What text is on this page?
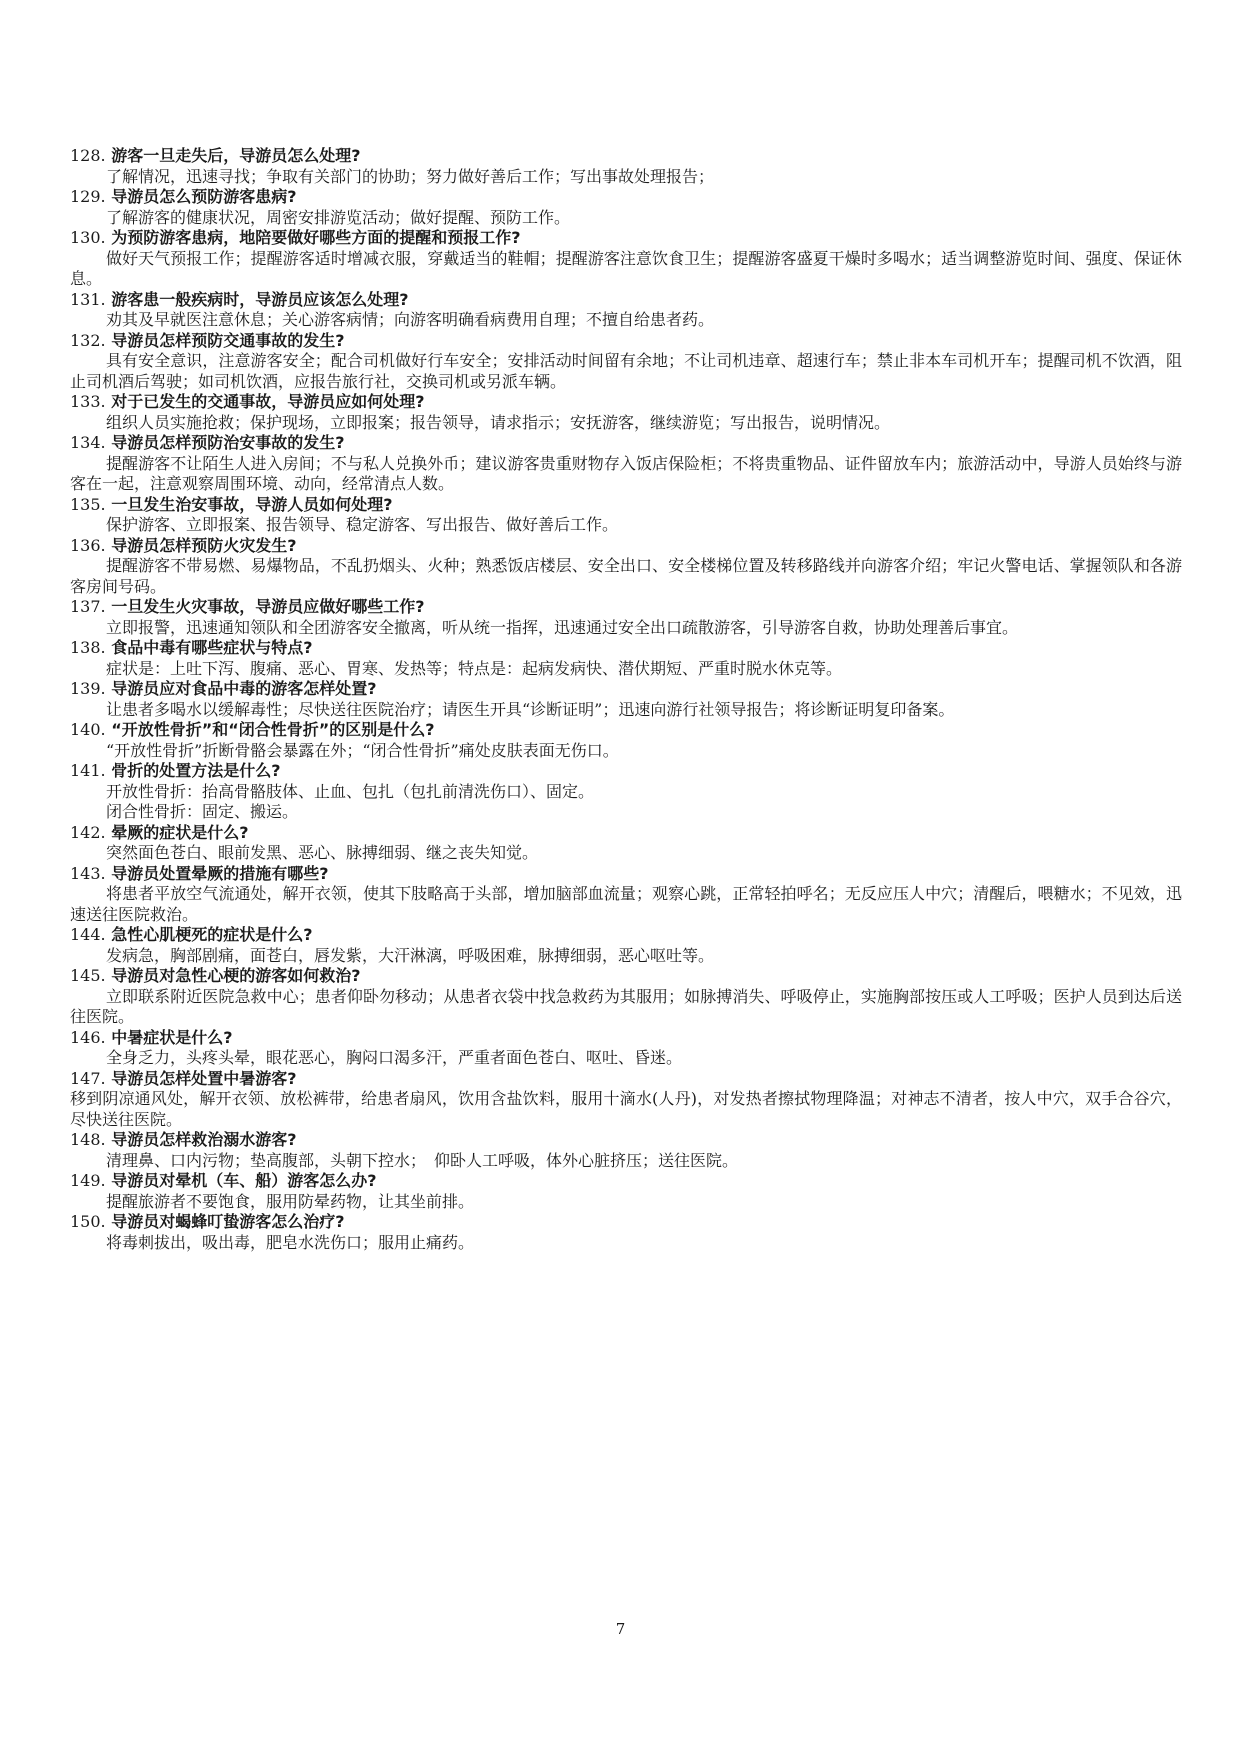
128. 游客一旦走失后，导游员怎么处理?
了解情况，迅速寻找；争取有关部门的协助；努力做好善后工作；写出事故处理报告；
129. 导游员怎么预防游客患病?
了解游客的健康状况，周密安排游览活动；做好提醒、预防工作。
130. 为预防游客患病，地陪要做好哪些方面的提醒和预报工作?
做好天气预报工作；提醒游客适时增减衣服，穿戴适当的鞋帽；提醒游客注意饮食卫生；提醒游客盛夏干燥时多喝水；适当调整游览时间、强度、保证休息。
131. 游客患一般疾病时，导游员应该怎么处理?
劝其及早就医注意休息；关心游客病情；向游客明确看病费用自理；不擅自给患者药。
132. 导游员怎样预防交通事故的发生?
具有安全意识，注意游客安全；配合司机做好行车安全；安排活动时间留有余地；不让司机违章、超速行车；禁止非本车司机开车；提醒司机不饮酒，阻止司机酒后驾驶；如司机饮酒，应报告旅行社，交换司机或另派车辆。
133. 对于已发生的交通事故，导游员应如何处理?
组织人员实施抢救；保护现场，立即报案；报告领导，请求指示；安抚游客，继续游览；写出报告，说明情况。
134. 导游员怎样预防治安事故的发生?
提醒游客不让陌生人进入房间；不与私人兑换外币；建议游客贵重财物存入饭店保险柜；不将贵重物品、证件留放车内；旅游活动中，导游人员始终与游客在一起，注意观察周围环境、动向，经常清点人数。
135. 一旦发生治安事故，导游人员如何处理?
保护游客、立即报案、报告领导、稳定游客、写出报告、做好善后工作。
136. 导游员怎样预防火灾发生?
提醒游客不带易燃、易爆物品，不乱扔烟头、火种；熟悉饭店楼层、安全出口、安全楼梯位置及转移路线并向游客介绍；牢记火警电话、掌握领队和各游客房间号码。
137. 一旦发生火灾事故，导游员应做好哪些工作?
立即报警，迅速通知领队和全团游客安全撤离，听从统一指挥，迅速通过安全出口疏散游客，引导游客自救，协助处理善后事宜。
138. 食品中毒有哪些症状与特点?
症状是：上吐下泻、腹痛、恶心、胃寒、发热等；特点是：起病发病快、潜伏期短、严重时脱水休克等。
139. 导游员应对食品中毒的游客怎样处置?
让患者多喝水以缓解毒性；尽快送往医院治疗；请医生开具“诊断证明”；迅速向游行社领导报告；将诊断证明复印备案。
140. “开放性骨折”和“闭合性骨折”的区别是什么?
“开放性骨折”折断骨骼会暴露在外；“闭合性骨折”痛处皮肤表面无伤口。
141. 骨折的处置方法是什么?
开放性骨折：抬高骨骼肢体、止血、包扎（包扎前清洗伤口）、固定。
闭合性骨折：固定、搬运。
142. 晕厥的症状是什么?
突然面色苍白、眼前发黑、恶心、脉搏细弱、继之丧失知觉。
143. 导游员处置晕厥的措施有哪些?
将患者平放空气流通处，解开衣领，使其下肢略高于头部，增加脑部血流量；观察心跳，正常轻拍呼名；无反应压人中穴；清醒后，喂糖水；不见效，迅速送往医院救治。
144. 急性心肌梗死的症状是什么?
发病急，胸部剧痛，面苍白，唇发紫，大汗淋漓，呼吸困难，脉搏细弱，恶心呕吐等。
145. 导游员对急性心梗的游客如何救治?
立即联系附近医院急救中心；患者仰卧勿移动；从患者衣袋中找急救药为其服用；如脉搏消失、呼吸停止，实施胸部按压或人工呼吸；医护人员到达后送往医院。
146. 中暑症状是什么?
全身乏力，头疼头晕，眼花恶心，胸闷口渴多汗，严重者面色苍白、呕吐、昏迷。
147. 导游员怎样处置中暑游客?
移到阴凉通风处，解开衣领、放松裤带，给患者扇风，饮用含盐饮料，服用十滴水(人丹)，对发热者擦拭物理降温；对神志不清者，按人中穴，双手合谷穴，尽快送往医院。
148. 导游员怎样救治溺水游客?
清理鼻、口内污物；垫高腹部，头朝下控水；　仰卧人工呼吸，体外心脏挤压；送往医院。
149. 导游员对晕机（车、船）游客怎么办?
提醒旅游者不要饱食，服用防晕药物，让其坐前排。
150. 导游员对蝎蜂叮蛰游客怎么治疗?
将毒刺拔出，吸出毒，肥皂水洗伤口；服用止痛药。
7
